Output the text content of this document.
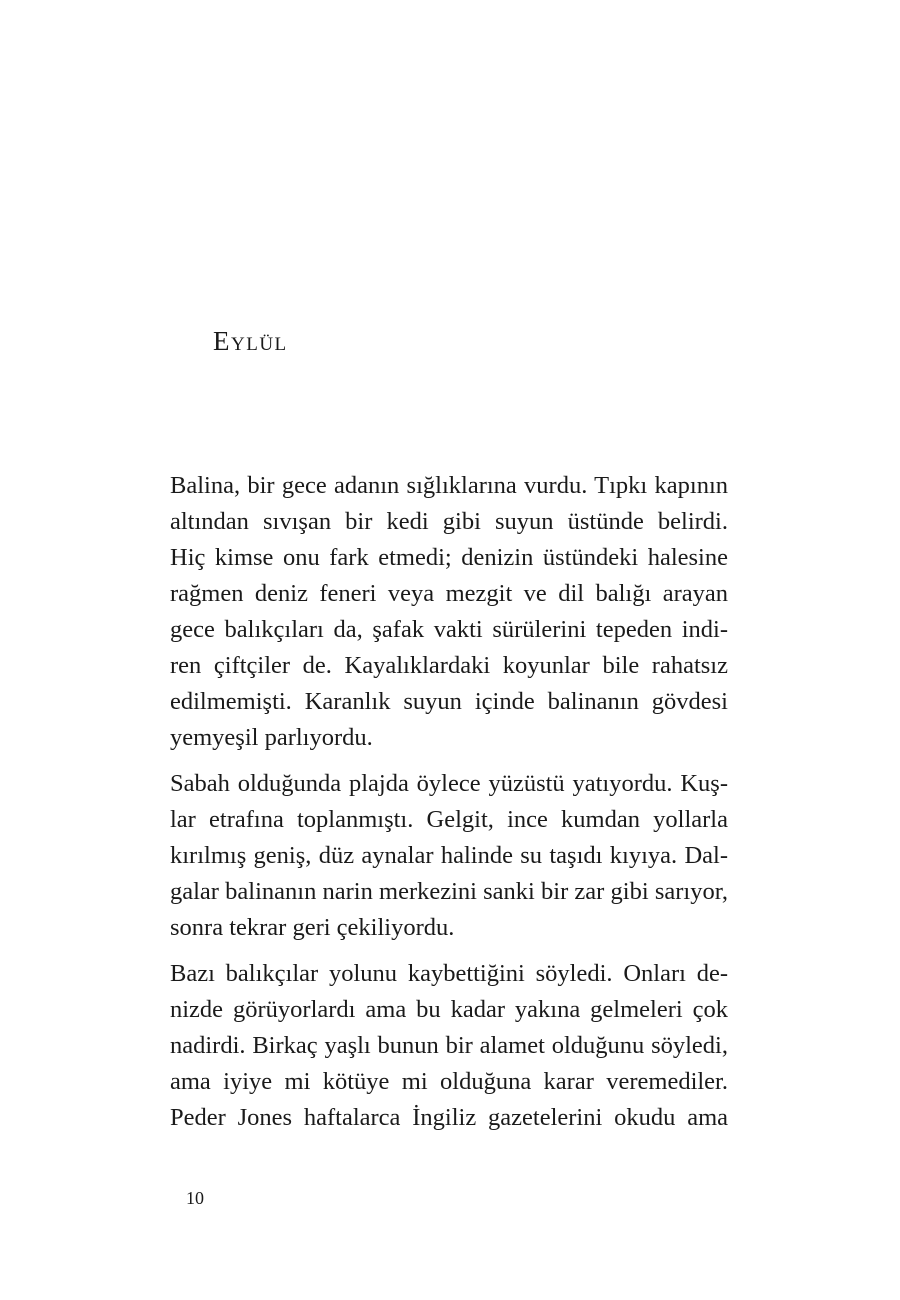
Eylül

Balina, bir gece adanın sığlıklarına vurdu. Tıpkı kapının
altından sıvışan bir kedi gibi suyun üstünde belirdi.
Hiç kimse onu fark etmedi; denizin üstündeki halesine
rağmen deniz feneri veya mezgit ve dil balığı arayan
gece balıkçıları da, şafak vakti sürülerini tepeden indi-
ren çiftçiler de. Kayalıklardaki koyunlar bile rahatsız
edilmemişti. Karanlık suyun içinde balinanın gövdesi
yemyeşil parlıyordu.

Sabah olduğunda plajda öylece yüzüstü yatıyordu. Kuş-
lar etrafına toplanmıştı. Gelgit, ince kumdan yollarla
kırılmış geniş, düz aynalar halinde su taşıdı kıyıya. Dal-
galar balinanın narin merkezini sanki bir zar gibi sarıyor,
sonra tekrar geri çekiliyordu.

Bazı balıkçılar yolunu kaybettiğini söyledi. Onları de-
nizde görüyorlardı ama bu kadar yakına gelmeleri çok
nadirdi. Birkaç yaşlı bunun bir alamet olduğunu söyledi,
ama iyiye mi kötüye mi olduğuna karar veremediler.
Peder Jones haftalarca İngiliz gazetelerini okudu ama

10
